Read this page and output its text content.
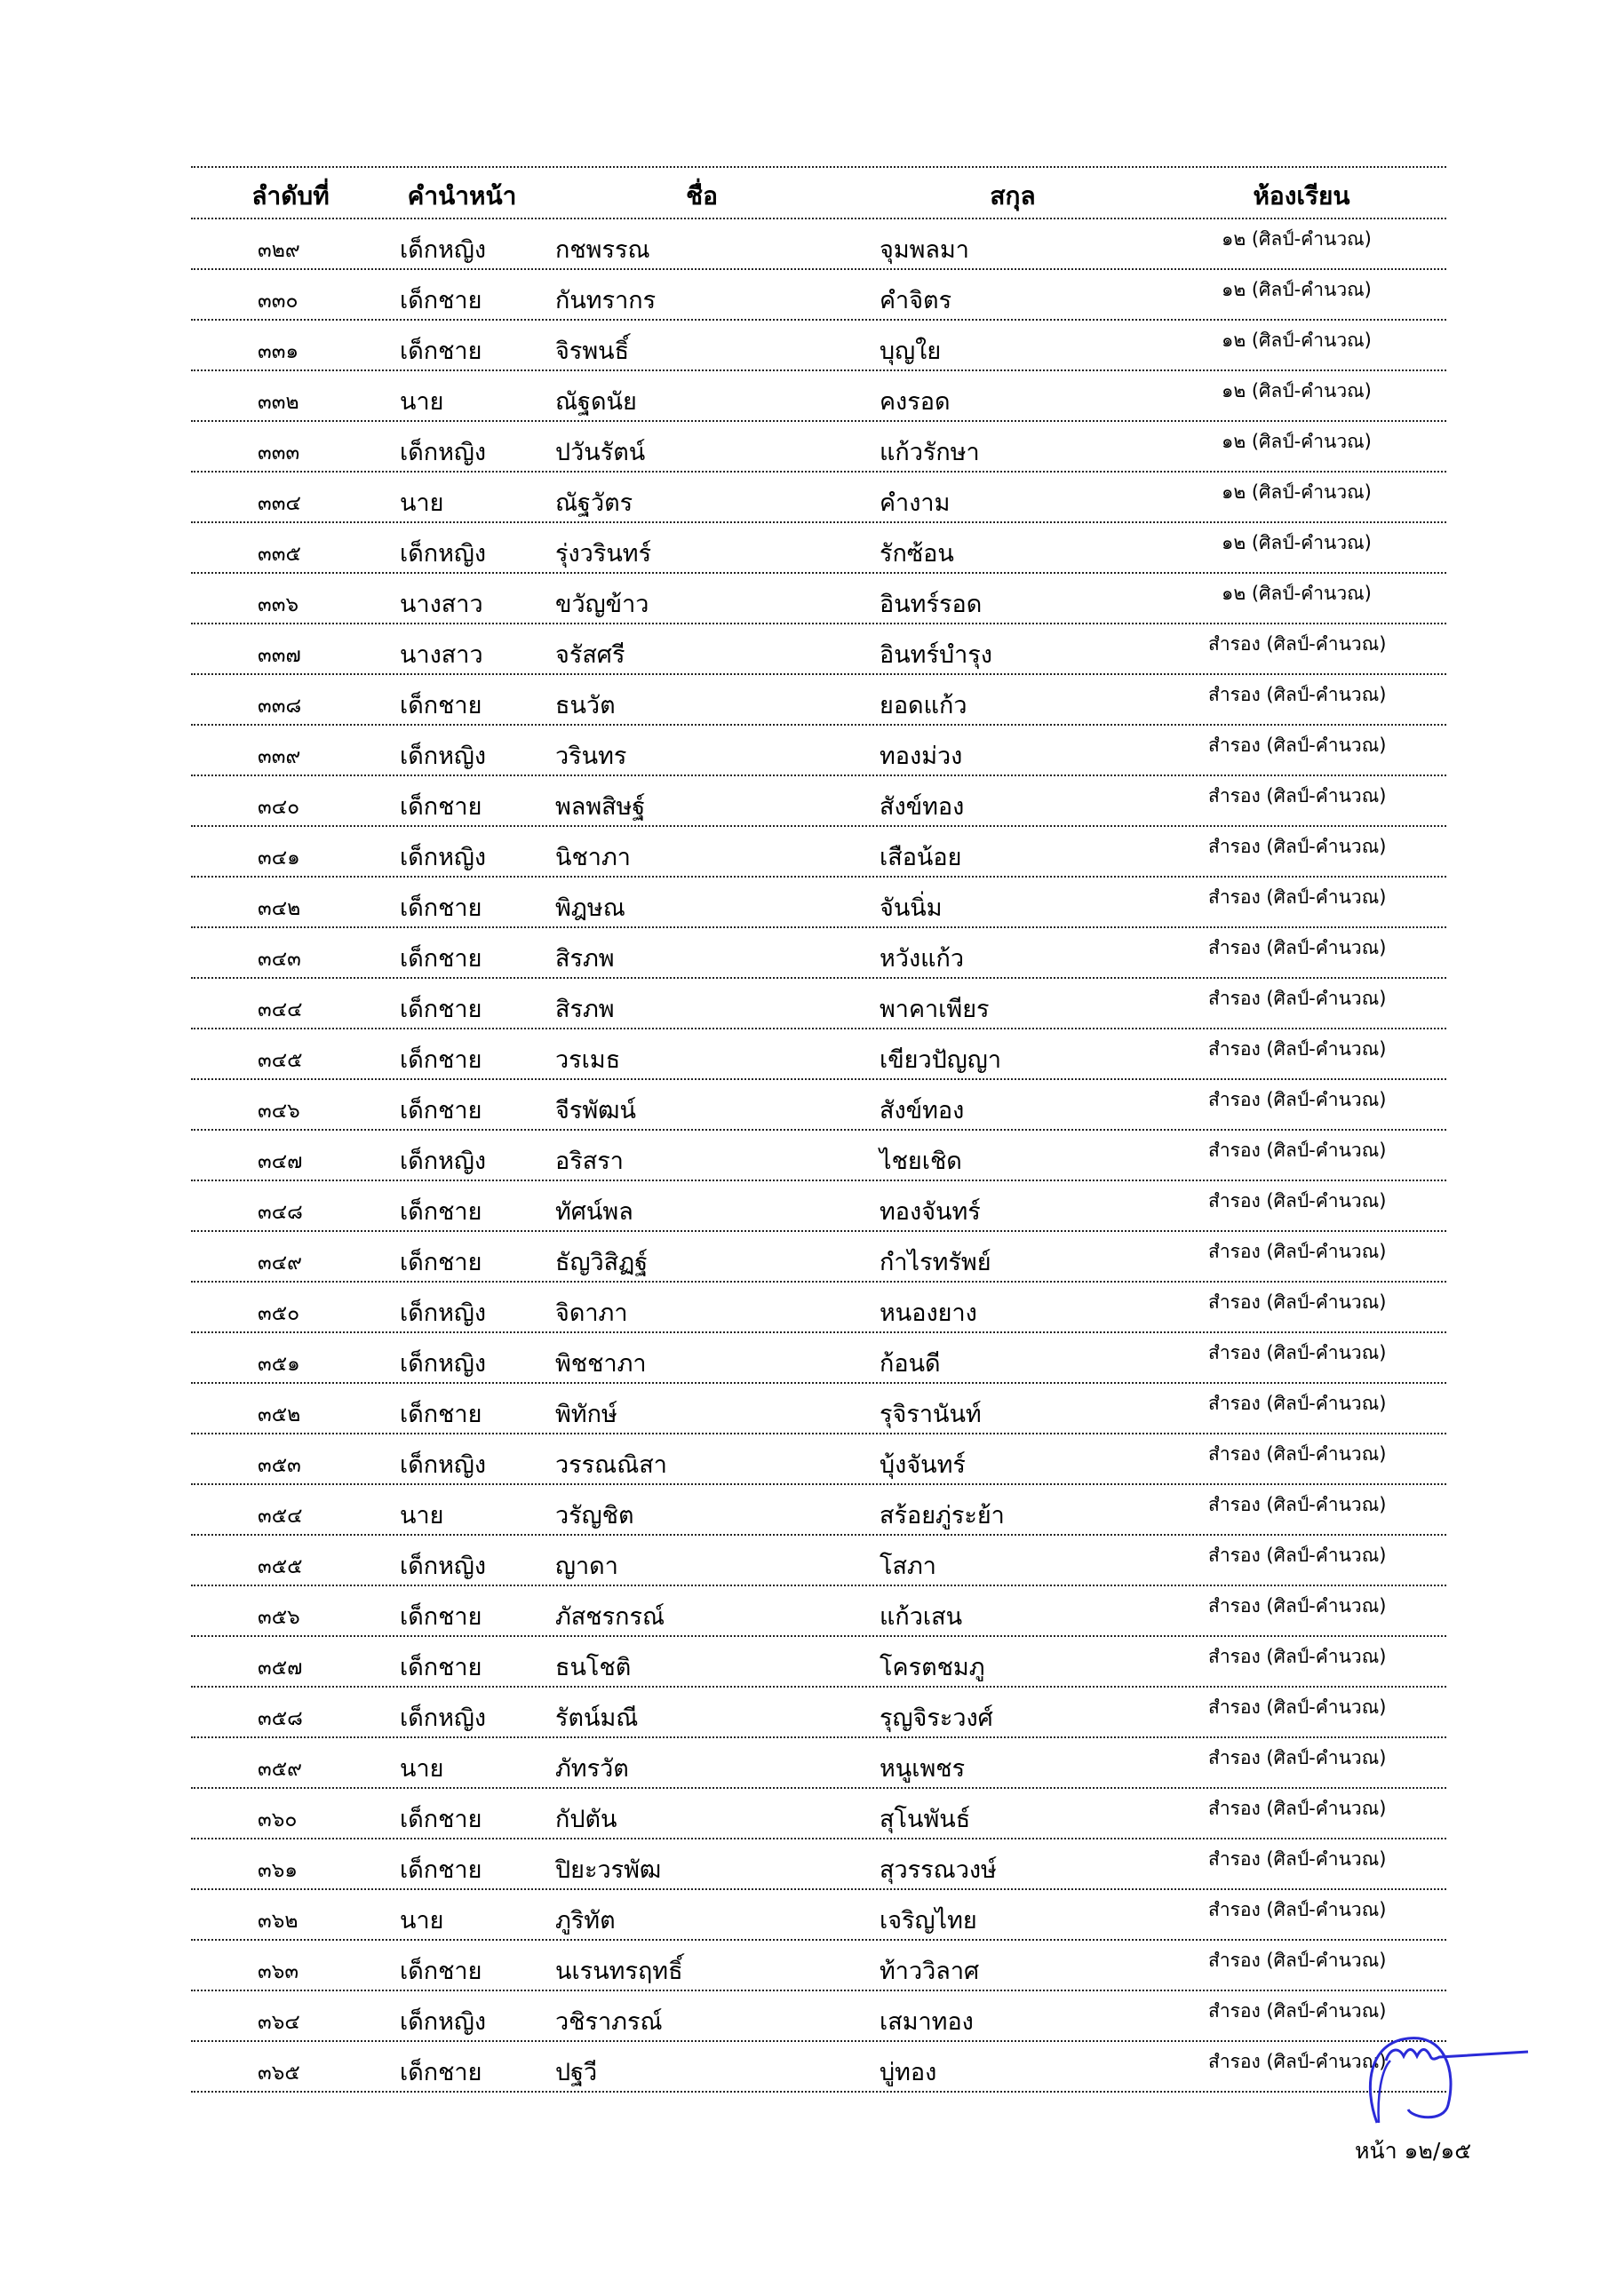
ลำดับที่	คำนำหน้า	ชื่อ	สกุล	ห้องเรียน
๓๒๙	เด็กหญิง	กชพรรณ	จุมพลมา	๑๒ (ศิลป์-คำนวณ)
๓๓๐	เด็กชาย	กันทรากร	คำจิตร	๑๒ (ศิลป์-คำนวณ)
๓๓๑	เด็กชาย	จิรพนธิ์	บุญใย	๑๒ (ศิลป์-คำนวณ)
๓๓๒	นาย	ณัฐดนัย	คงรอด	๑๒ (ศิลป์-คำนวณ)
๓๓๓	เด็กหญิง	ปวันรัตน์	แก้วรักษา	๑๒ (ศิลป์-คำนวณ)
๓๓๔	นาย	ณัฐวัตร	คำงาม	๑๒ (ศิลป์-คำนวณ)
๓๓๕	เด็กหญิง	รุ่งวรินทร์	รักซ้อน	๑๒ (ศิลป์-คำนวณ)
๓๓๖	นางสาว	ขวัญข้าว	อินทร์รอด	๑๒ (ศิลป์-คำนวณ)
๓๓๗	นางสาว	จรัสศรี	อินทร์บำรุง	สำรอง (ศิลป์-คำนวณ)
๓๓๘	เด็กชาย	ธนวัต	ยอดแก้ว	สำรอง (ศิลป์-คำนวณ)
๓๓๙	เด็กหญิง	วรินทร	ทองม่วง	สำรอง (ศิลป์-คำนวณ)
๓๔๐	เด็กชาย	พลพสิษฐ์	สังข์ทอง	สำรอง (ศิลป์-คำนวณ)
๓๔๑	เด็กหญิง	นิชาภา	เสือน้อย	สำรอง (ศิลป์-คำนวณ)
๓๔๒	เด็กชาย	พิฎษณ	จันนิ่ม	สำรอง (ศิลป์-คำนวณ)
๓๔๓	เด็กชาย	สิรภพ	หวังแก้ว	สำรอง (ศิลป์-คำนวณ)
๓๔๔	เด็กชาย	สิรภพ	พาคาเพียร	สำรอง (ศิลป์-คำนวณ)
๓๔๕	เด็กชาย	วรเมธ	เขียวปัญญา	สำรอง (ศิลป์-คำนวณ)
๓๔๖	เด็กชาย	จีรพัฒน์	สังข์ทอง	สำรอง (ศิลป์-คำนวณ)
๓๔๗	เด็กหญิง	อริสรา	ไชยเชิด	สำรอง (ศิลป์-คำนวณ)
๓๔๘	เด็กชาย	ทัศน์พล	ทองจันทร์	สำรอง (ศิลป์-คำนวณ)
๓๔๙	เด็กชาย	ธัญวิสิฏฐ์	กำไรทรัพย์	สำรอง (ศิลป์-คำนวณ)
๓๕๐	เด็กหญิง	จิดาภา	หนองยาง	สำรอง (ศิลป์-คำนวณ)
๓๕๑	เด็กหญิง	พิชชาภา	ก้อนดี	สำรอง (ศิลป์-คำนวณ)
๓๕๒	เด็กชาย	พิทักษ์	รุจิรานันท์	สำรอง (ศิลป์-คำนวณ)
๓๕๓	เด็กหญิง	วรรณณิสา	บุ้งจันทร์	สำรอง (ศิลป์-คำนวณ)
๓๕๔	นาย	วรัญชิต	สร้อยภู่ระย้า	สำรอง (ศิลป์-คำนวณ)
๓๕๕	เด็กหญิง	ญาดา	โสภา	สำรอง (ศิลป์-คำนวณ)
๓๕๖	เด็กชาย	ภัสชรกรณ์	แก้วเสน	สำรอง (ศิลป์-คำนวณ)
๓๕๗	เด็กชาย	ธนโชติ	โครตชมภู	สำรอง (ศิลป์-คำนวณ)
๓๕๘	เด็กหญิง	รัตน์มณี	รุญจิระวงศ์	สำรอง (ศิลป์-คำนวณ)
๓๕๙	นาย	ภัทรวัต	หนูเพชร	สำรอง (ศิลป์-คำนวณ)
๓๖๐	เด็กชาย	กัปตัน	สุโนพันธ์	สำรอง (ศิลป์-คำนวณ)
๓๖๑	เด็กชาย	ปิยะวรพัฒ	สุวรรณวงษ์	สำรอง (ศิลป์-คำนวณ)
๓๖๒	นาย	ภูริทัต	เจริญไทย	สำรอง (ศิลป์-คำนวณ)
๓๖๓	เด็กชาย	นเรนทรฤทธิ์	ท้าววิลาศ	สำรอง (ศิลป์-คำนวณ)
๓๖๔	เด็กหญิง	วชิราภรณ์	เสมาทอง	สำรอง (ศิลป์-คำนวณ)
๓๖๕	เด็กชาย	ปฐวี	บู่ทอง	สำรอง (ศิลป์-คำนวณ)
หน้า ๑๒/๑๕
